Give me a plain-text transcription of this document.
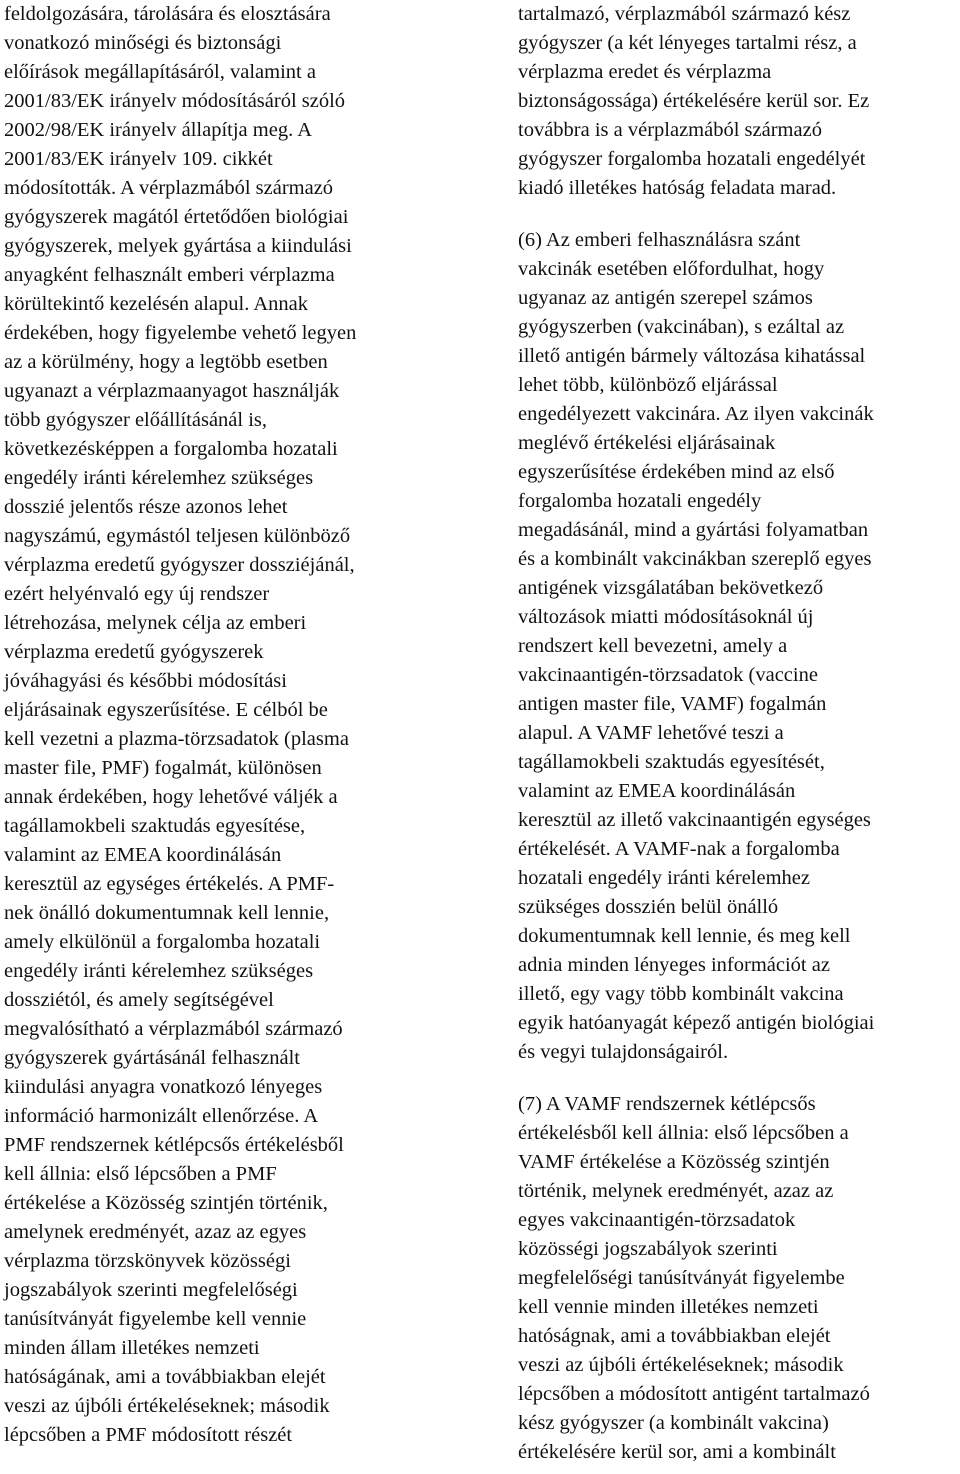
feldolgozására, tárolására és elosztására
vonatkozó minőségi és biztonsági
előírások megállapításáról, valamint a
2001/83/EK irányelv módosításáról szóló
2002/98/EK irányelv állapítja meg. A
2001/83/EK irányelv 109. cikkét
módosították. A vérplazmából származó
gyógyszerek magától értetődően biológiai
gyógyszerek, melyek gyártása a kiindulási
anyagként felhasznált emberi vérplazma
körültekintő kezelésén alapul. Annak
érdekében, hogy figyelembe vehető legyen
az a körülmény, hogy a legtöbb esetben
ugyanazt a vérplazmaanyagot használják
több gyógyszer előállításánál is,
következésképpen a forgalomba hozatali
engedély iránti kérelemhez szükséges
dosszié jelentős része azonos lehet
nagyszámú, egymástól teljesen különböző
vérplazma eredetű gyógyszer dossziéjánál,
ezért helyénvaló egy új rendszer
létrehozása, melynek célja az emberi
vérplazma eredetű gyógyszerek
jóváhagyási és későbbi módosítási
eljárásainak egyszerűsítése. E célból be
kell vezetni a plazma-törzsadatok (plasma
master file, PMF) fogalmát, különösen
annak érdekében, hogy lehetővé váljék a
tagállamokbeli szaktudás egyesítése,
valamint az EMEA koordinálásán
keresztül az egységes értékelés. A PMF-
nek önálló dokumentumnak kell lennie,
amely elkülönül a forgalomba hozatali
engedély iránti kérelemhez szükséges
dossziétól, és amely segítségével
megvalósítható a vérplazmából származó
gyógyszerek gyártásánál felhasznált
kiindulási anyagra vonatkozó lényeges
információ harmonizált ellenőrzése. A
PMF rendszernek kétlépcsős értékelésből
kell állnia: első lépcsőben a PMF
értékelése a Közösség szintjén történik,
amelynek eredményét, azaz az egyes
vérplazma törzskönyvek közösségi
jogszabályok szerinti megfelelőségi
tanúsítványát figyelembe kell vennie
minden állam illetékes nemzeti
hatóságának, ami a továbbiakban elejét
veszi az újbóli értékeléseknek; második
lépcsőben a PMF módosított részét
tartalmazó, vérplazmából származó kész
gyógyszer (a két lényeges tartalmi rész, a
vérplazma eredet és vérplazma
biztonságossága) értékelésére kerül sor. Ez
továbbra is a vérplazmából származó
gyógyszer forgalomba hozatali engedélyét
kiadó illetékes hatóság feladata marad.
(6) Az emberi felhasználásra szánt
vakcinák esetében előfordulhat, hogy
ugyanaz az antigén szerepel számos
gyógyszerben (vakcinában), s ezáltal az
illető antigén bármely változása kihatással
lehet több, különböző eljárással
engedélyezett vakcinára. Az ilyen vakcinák
meglévő értékelési eljárásainak
egyszerűsítése érdekében mind az első
forgalomba hozatali engedély
megadásánál, mind a gyártási folyamatban
és a kombinált vakcinákban szereplő egyes
antigének vizsgálatában bekövetkező
változások miatti módosításoknál új
rendszert kell bevezetni, amely a
vakcinaantigén-törzsadatok (vaccine
antigen master file, VAMF) fogalmán
alapul. A VAMF lehetővé teszi a
tagállamokbeli szaktudás egyesítését,
valamint az EMEA koordinálásán
keresztül az illető vakcinaantigén egységes
értékelését. A VAMF-nak a forgalomba
hozatali engedély iránti kérelemhez
szükséges dosszién belül önálló
dokumentumnak kell lennie, és meg kell
adnia minden lényeges információt az
illető, egy vagy több kombinált vakcina
egyik hatóanyagát képező antigén biológiai
és vegyi tulajdonságairól.
(7) A VAMF rendszernek kétlépcsős
értékelésből kell állnia: első lépcsőben a
VAMF értékelése a Közösség szintjén
történik, melynek eredményét, azaz az
egyes vakcinaantigén-törzsadatok
közösségi jogszabályok szerinti
megfelelőségi tanúsítványát figyelembe
kell vennie minden illetékes nemzeti
hatóságnak, ami a továbbiakban elejét
veszi az újbóli értékeléseknek; második
lépcsőben a módosított antigént tartalmazó
kész gyógyszer (a kombinált vakcina)
értékelésére kerül sor, ami a kombinált
